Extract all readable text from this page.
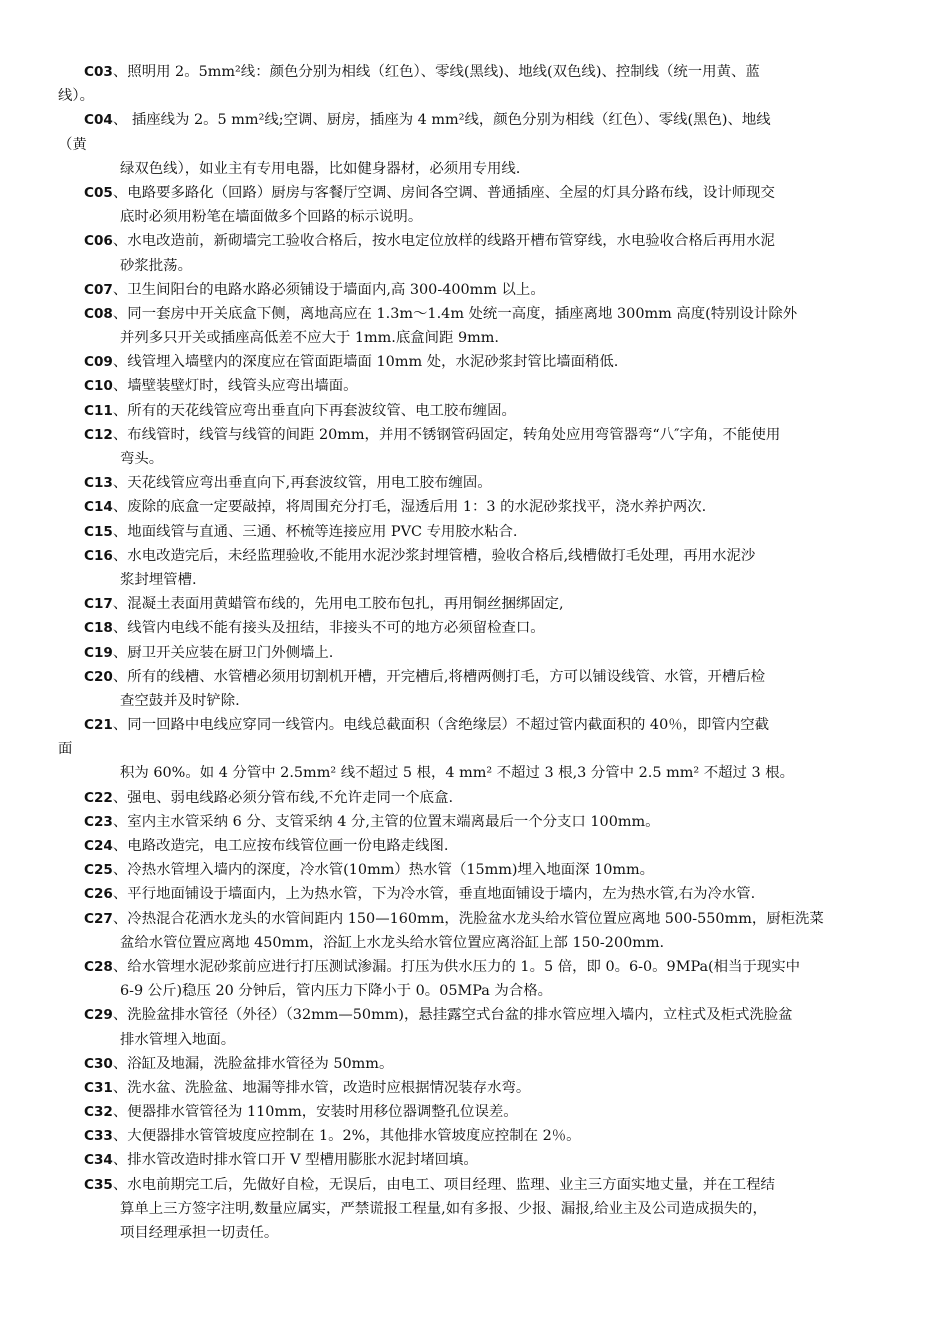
C03、照明用 2。5mm²线：颜色分别为相线（红色）、零线(黑线)、地线(双色线)、控制线（统一用黄、蓝
线）。
C04、 插座线为 2。5 mm²线;空调、厨房，插座为 4 mm²线，颜色分别为相线（红色）、零线(黑色)、地线
（黄
绿双色线），如业主有专用电器，比如健身器材，必须用专用线.
C05、电路要多路化（回路）厨房与客餐厅空调、房间各空调、普通插座、全屋的灯具分路布线，设计师现交
底时必须用粉笔在墙面做多个回路的标示说明。
C06、水电改造前，新砌墙完工验收合格后，按水电定位放样的线路开槽布管穿线，水电验收合格后再用水泥
砂浆批荡。
C07、卫生间阳台的电路水路必须铺设于墙面内,高 300-400mm 以上。
C08、同一套房中开关底盒下侧，离地高应在 1.3m～1.4m 处统一高度，插座离地 300mm 高度(特别设计除外
并列多只开关或插座高低差不应大于 1mm.底盒间距 9mm.
C09、线管埋入墙壁内的深度应在管面距墙面 10mm 处，水泥砂浆封管比墙面稍低.
C10、墙壁装壁灯时，线管头应弯出墙面。
C11、所有的天花线管应弯出垂直向下再套波纹管、电工胶布缠固。
C12、布线管时，线管与线管的间距 20mm，并用不锈钢管码固定，转角处应用弯管器弯“八″字角，不能使用
弯头。
C13、天花线管应弯出垂直向下,再套波纹管，用电工胶布缠固。
C14、废除的底盒一定要敲掉，将周围充分打毛，湿透后用 1：3 的水泥砂浆找平，浇水养护两次.
C15、地面线管与直通、三通、杯梳等连接应用 PVC 专用胶水粘合.
C16、水电改造完后，未经监理验收,不能用水泥沙浆封埋管槽，验收合格后,线槽做打毛处理，再用水泥沙
浆封埋管槽.
C17、混凝土表面用黄蜡管布线的，先用电工胶布包扎，再用铜丝捆绑固定,
C18、线管内电线不能有接头及扭结，非接头不可的地方必须留检查口。
C19、厨卫开关应装在厨卫门外侧墙上.
C20、所有的线槽、水管槽必须用切割机开槽，开完槽后,将槽两侧打毛，方可以铺设线管、水管，开槽后检
查空鼓并及时铲除.
C21、同一回路中电线应穿同一线管内。电线总截面积（含绝缘层）不超过管内截面积的 40％，即管内空截
面
积为 60%。如 4 分管中 2.5mm² 线不超过 5 根，4 mm² 不超过 3 根,3 分管中 2.5 mm² 不超过 3 根。
C22、强电、弱电线路必须分管布线,不允许走同一个底盒.
C23、室内主水管采纳 6 分、支管采纳 4 分,主管的位置末端离最后一个分支口 100mm。
C24、电路改造完，电工应按布线管位画一份电路走线图.
C25、冷热水管埋入墙内的深度，冷水管(10mm）热水管（15mm)埋入地面深 10mm。
C26、平行地面铺设于墙面内，上为热水管，下为冷水管，垂直地面铺设于墙内，左为热水管,右为冷水管.
C27、冷热混合花洒水龙头的水管间距内 150—160mm，洗脸盆水龙头给水管位置应离地 500-550mm，厨柜洗菜
盆给水管位置应离地 450mm，浴缸上水龙头给水管位置应离浴缸上部 150-200mm.
C28、给水管埋水泥砂浆前应进行打压测试渗漏。打压为供水压力的 1。5 倍，即 0。6-0。9MPa(相当于现实中
6-9 公斤)稳压 20 分钟后，管内压力下降小于 0。05MPa 为合格。
C29、洗脸盆排水管径（外径）（32mm—50mm)，悬挂露空式台盆的排水管应埋入墙内，立柱式及柜式洗脸盆
排水管埋入地面。
C30、浴缸及地漏，洗脸盆排水管径为 50mm。
C31、洗水盆、洗脸盆、地漏等排水管，改造时应根据情况装存水弯。
C32、便器排水管管径为 110mm，安装时用移位器调整孔位误差。
C33、大便器排水管管坡度应控制在 1。2%，其他排水管坡度应控制在 2％。
C34、排水管改造时排水管口开 V 型槽用膨胀水泥封堵回填。
C35、水电前期完工后，先做好自检，无误后，由电工、项目经理、监理、业主三方面实地丈量，并在工程结
算单上三方签字注明,数量应属实，严禁谎报工程量,如有多报、少报、漏报,给业主及公司造成损失的，
项目经理承担一切责任。
